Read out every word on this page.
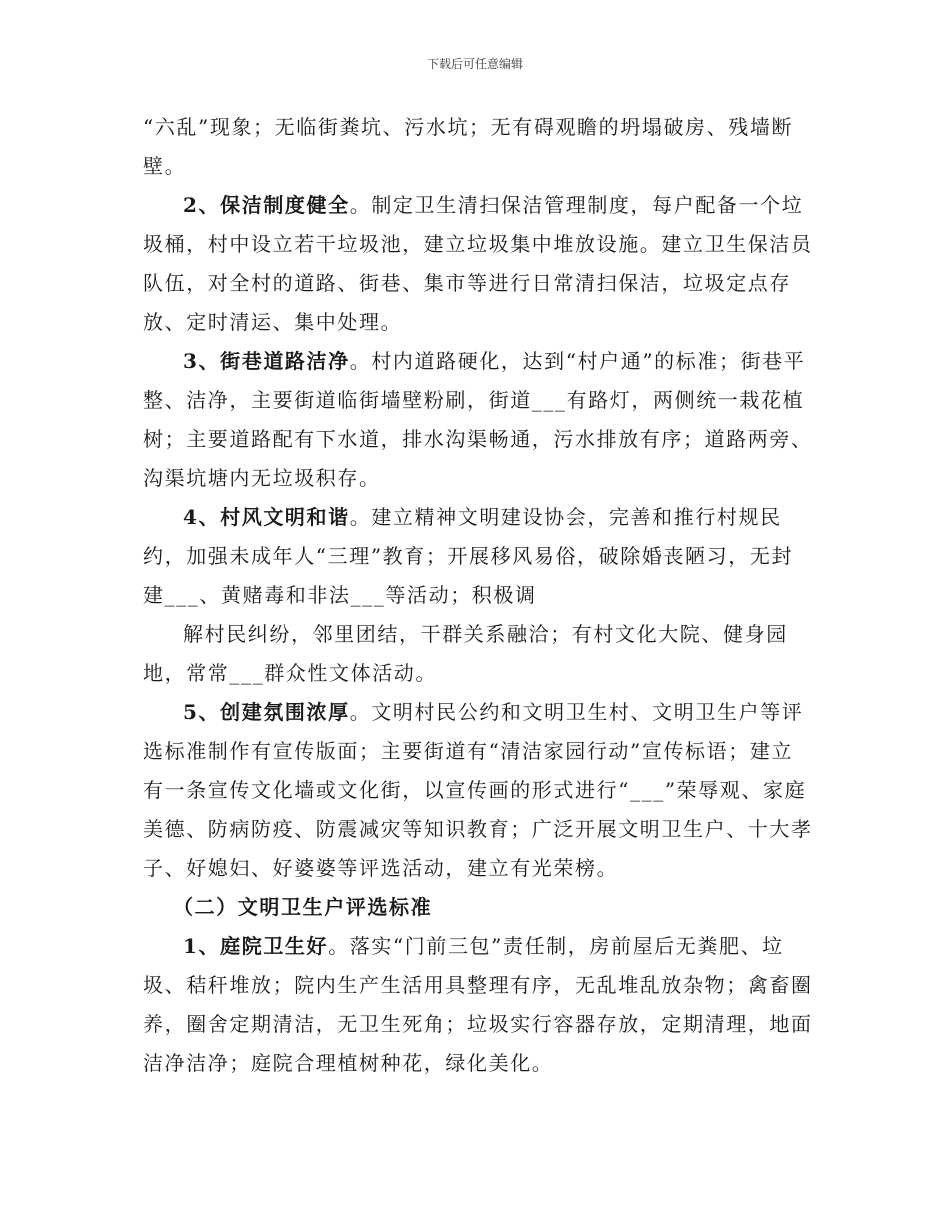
下载后可任意编辑

“六乱”现象；无临街粪坑、污水坑；无有碍观瞻的坍塌破房、残墙断壁。

2、保洁制度健全。制定卫生清扫保洁管理制度，每户配备一个垃圾桶，村中设立若干垃圾池，建立垃圾集中堆放设施。建立卫生保洁员队伍，对全村的道路、街巷、集市等进行日常清扫保洁，垃圾定点存放、定时清运、集中处理。

3、街巷道路洁净。村内道路硬化，达到“村户通”的标准；街巷平整、洁净，主要街道临街墙壁粉刷，街道___有路灯，两侧统一栽花植树；主要道路配有下水道，排水沟渠畅通，污水排放有序；道路两旁、沟渠坑塘内无垃圾积存。

4、村风文明和谐。建立精神文明建设协会，完善和推行村规民约，加强未成年人“三理”教育；开展移风易俗，破除婚丧陋习，无封建___、黄赌毒和非法___等活动；积极调

解村民纠纷，邻里团结，干群关系融洽；有村文化大院、健身园地，常常___群众性文体活动。

5、创建氛围浓厚。文明村民公约和文明卫生村、文明卫生户等评选标准制作有宣传版面；主要街道有“清洁家园行动”宣传标语；建立有一条宣传文化墙或文化街，以宣传画的形式进行“___”荣辱观、家庭美德、防病防疫、防震减灾等知识教育；广泛开展文明卫生户、十大孝子、好媳妇、好婆婆等评选活动，建立有光荣榜。

（二）文明卫生户评选标准

1、庭院卫生好。落实“门前三包”责任制，房前屋后无粪肥、垃圾、秸秆堆放；院内生产生活用具整理有序，无乱堆乱放杂物；禽畜圈养，圈舍定期清洁，无卫生死角；垃圾实行容器存放，定期清理，地面洁净洁净；庭院合理植树种花，绿化美化。
